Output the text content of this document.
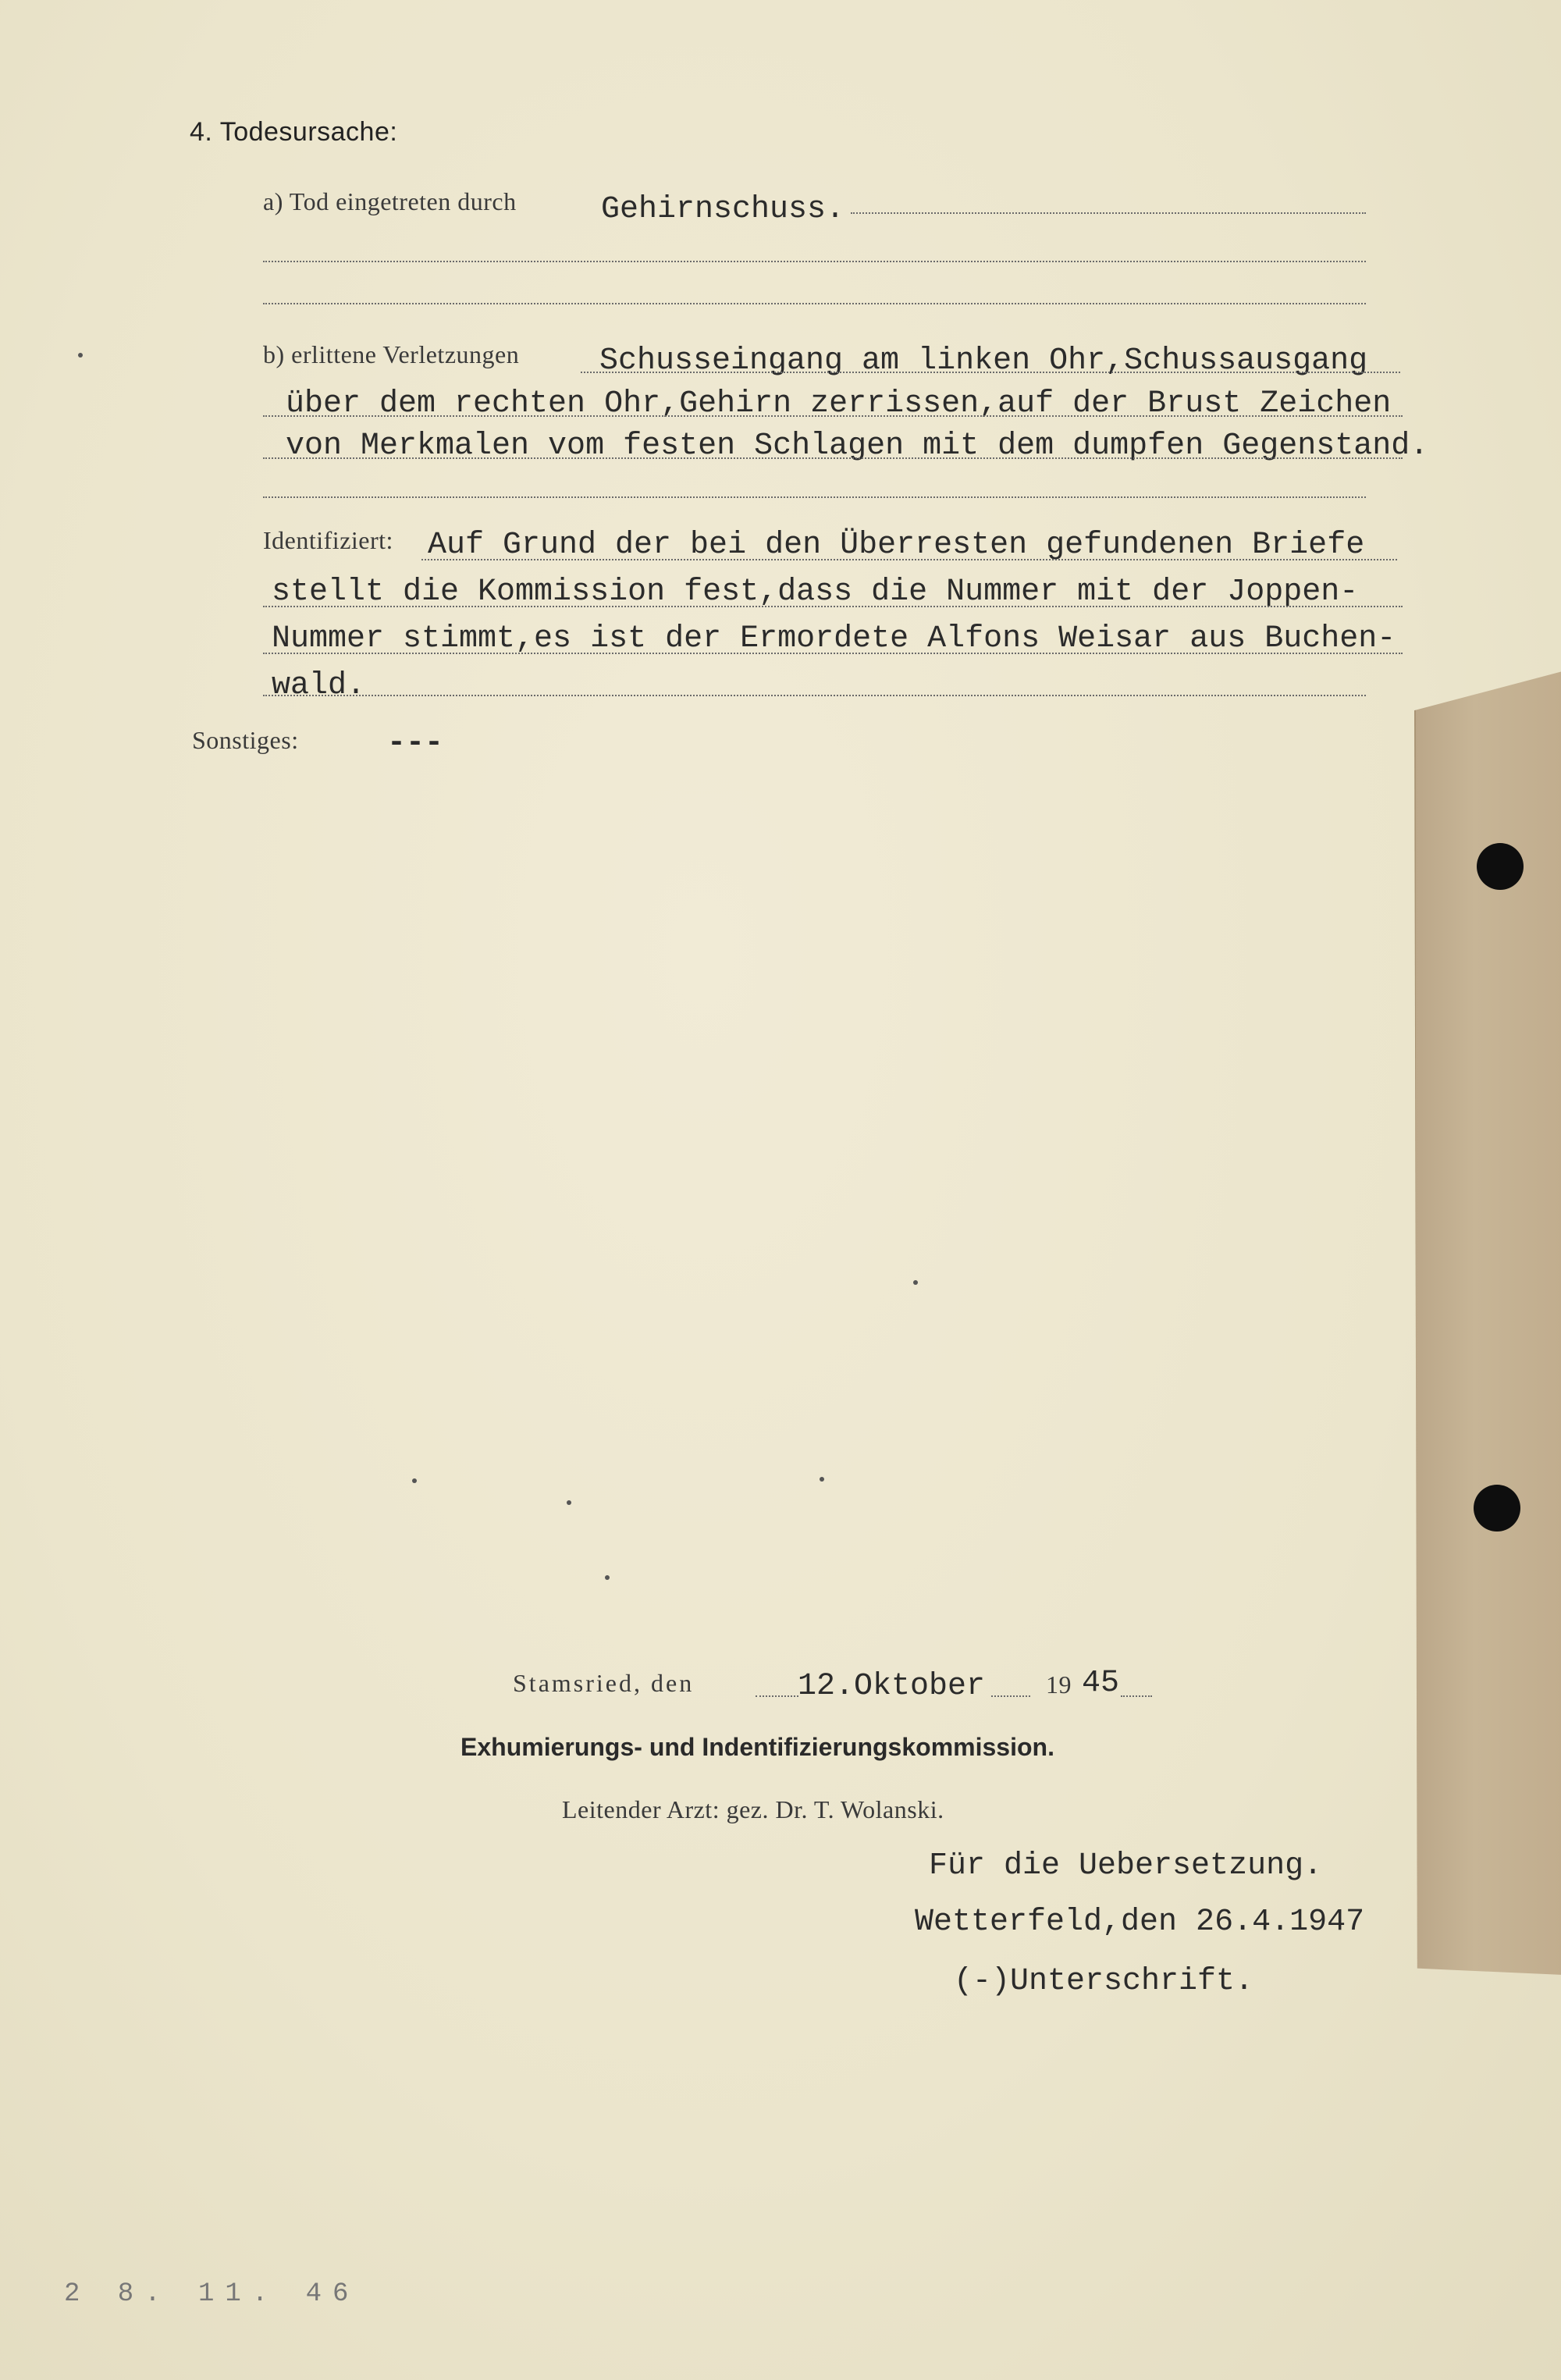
4. Todesursache:
a) Tod eingetreten durch	Gehirnschuss.
b) erlittene Verletzungen	Schusseingang am linken Ohr,Schussausgang
über dem rechten Ohr,Gehirn zerrissen,auf der Brust Zeichen
von Merkmalen vom festen Schlagen mit dem dumpfen Gegenstand.
Identifiziert: Auf Grund der bei den Überresten gefundenen Briefe
stellt die Kommission fest,dass die Nummer mit der Joppen-
Nummer stimmt,es ist der Ermordete Alfons Weisar aus Buchen-
wald.
Sonstiges:	---
Stamsried, den	12.Oktober 19 45
Exhumierungs- und Indentifizierungskommission.
Leitender Arzt: gez. Dr. T. Wolanski.
Für die Uebersetzung.
Wetterfeld,den 26.4.1947
(-)Unterschrift.
2 8. 11. 46
